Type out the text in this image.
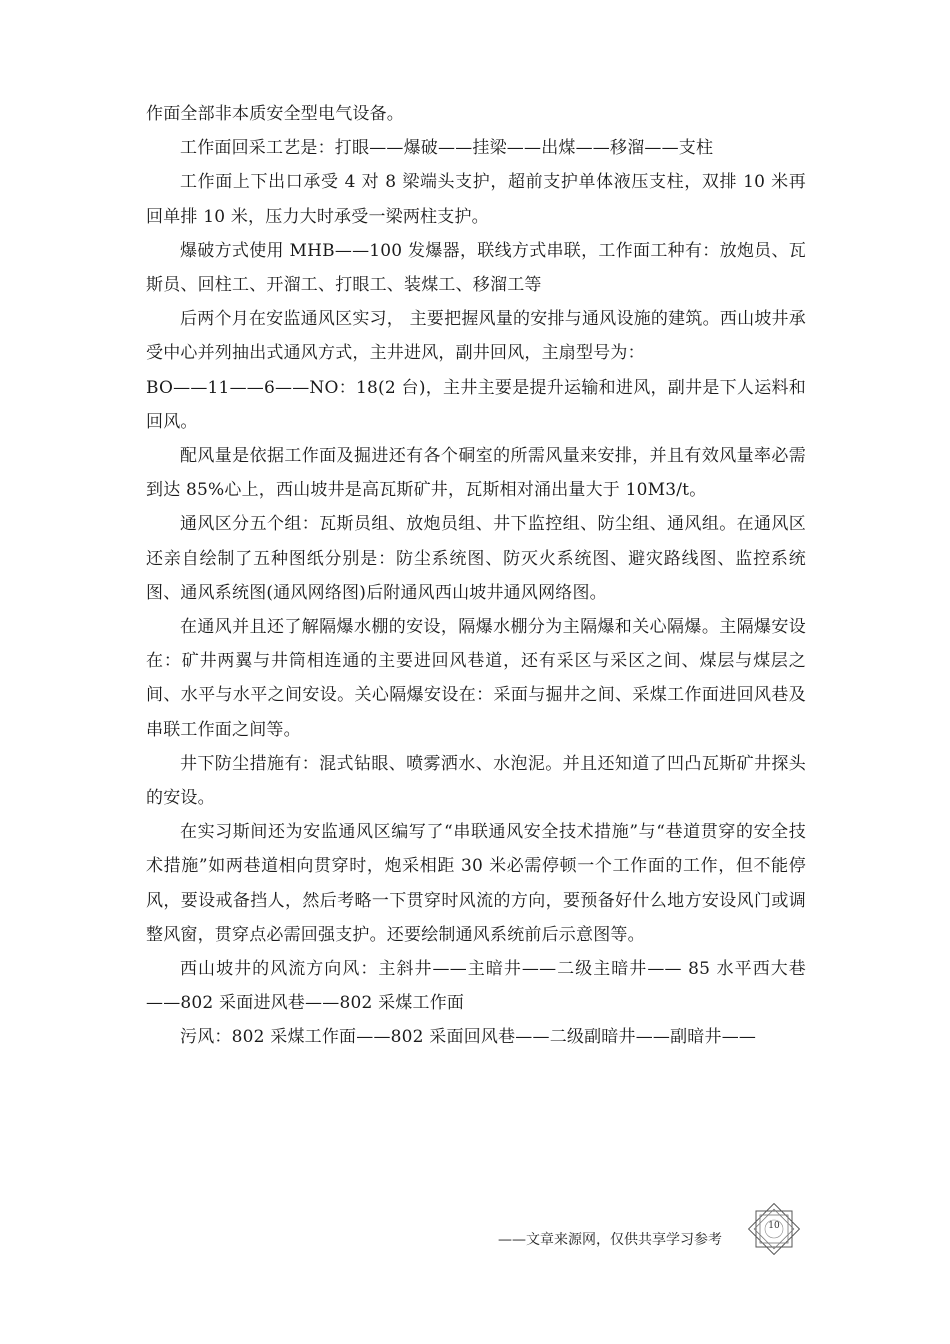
作面全部非本质安全型电气设备。

工作面回采工艺是：打眼——爆破——挂梁——出煤——移溜——支柱

工作面上下出口承受 4 对 8 梁端头支护，超前支护单体液压支柱，双排 10 米再回单排 10 米，压力大时承受一梁两柱支护。

爆破方式使用 MHB——100 发爆器，联线方式串联，工作面工种有：放炮员、瓦斯员、回柱工、开溜工、打眼工、装煤工、移溜工等

后两个月在安监通风区实习， 主要把握风量的安排与通风设施的建筑。西山坡井承受中心并列抽出式通风方式，主井进风，副井回风，主扇型号为：

BO——11——6——NO：18(2 台)，主井主要是提升运输和进风，副井是下人运料和回风。

配风量是依据工作面及掘进还有各个硐室的所需风量来安排，并且有效风量率必需到达 85%心上，西山坡井是高瓦斯矿井，瓦斯相对涌出量大于 10M3/t。

通风区分五个组：瓦斯员组、放炮员组、井下监控组、防尘组、通风组。在通风区还亲自绘制了五种图纸分别是：防尘系统图、防灭火系统图、避灾路线图、监控系统图、通风系统图(通风网络图)后附通风西山坡井通风网络图。

在通风并且还了解隔爆水棚的安设，隔爆水棚分为主隔爆和关心隔爆。主隔爆安设在：矿井两翼与井筒相连通的主要进回风巷道，还有采区与采区之间、煤层与煤层之间、水平与水平之间安设。关心隔爆安设在：采面与掘井之间、采煤工作面进回风巷及串联工作面之间等。

井下防尘措施有：混式钻眼、喷雾洒水、水泡泥。并且还知道了凹凸瓦斯矿井探头的安设。

在实习斯间还为安监通风区编写了“串联通风安全技术措施”与“巷道贯穿的安全技术措施”如两巷道相向贯穿时，炮采相距 30 米必需停顿一个工作面的工作，但不能停风，要设戒备挡人，然后考略一下贯穿时风流的方向，要预备好什么地方安设风门或调整风窗，贯穿点必需回强支护。还要绘制通风系统前后示意图等。

西山坡井的风流方向风：主斜井——主暗井——二级主暗井—— 85 水平西大巷——802 采面进风巷——802 采煤工作面

污风：802 采煤工作面——802 采面回风巷——二级副暗井——副暗井——

——文章来源网，仅供共享学习参考
10
